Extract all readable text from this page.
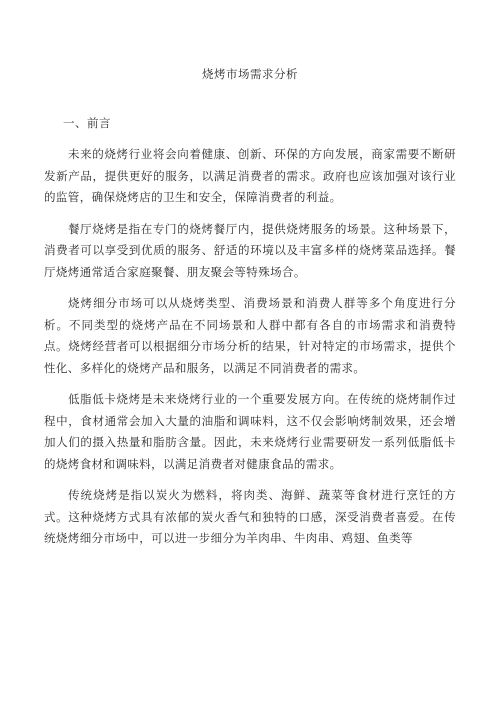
烧烤市场需求分析
一、前言

未来的烧烤行业将会向着健康、创新、环保的方向发展，商家需要不断研发新产品，提供更好的服务，以满足消费者的需求。政府也应该加强对该行业的监管，确保烧烤店的卫生和安全，保障消费者的利益。

餐厅烧烤是指在专门的烧烤餐厅内，提供烧烤服务的场景。这种场景下，消费者可以享受到优质的服务、舒适的环境以及丰富多样的烧烤菜品选择。餐厅烧烤通常适合家庭聚餐、朋友聚会等特殊场合。

烧烤细分市场可以从烧烤类型、消费场景和消费人群等多个角度进行分析。不同类型的烧烤产品在不同场景和人群中都有各自的市场需求和消费特点。烧烤经营者可以根据细分市场分析的结果，针对特定的市场需求，提供个性化、多样化的烧烤产品和服务，以满足不同消费者的需求。

低脂低卡烧烤是未来烧烤行业的一个重要发展方向。在传统的烧烤制作过程中，食材通常会加入大量的油脂和调味料，这不仅会影响烤制效果，还会增加人们的摄入热量和脂肪含量。因此，未来烧烤行业需要研发一系列低脂低卡的烧烤食材和调味料，以满足消费者对健康食品的需求。

传统烧烤是指以炭火为燃料，将肉类、海鲜、蔬菜等食材进行烹饪的方式。这种烧烤方式具有浓郁的炭火香气和独特的口感，深受消费者喜爱。在传统烧烤细分市场中，可以进一步细分为羊肉串、牛肉串、鸡翅、鱼类等
